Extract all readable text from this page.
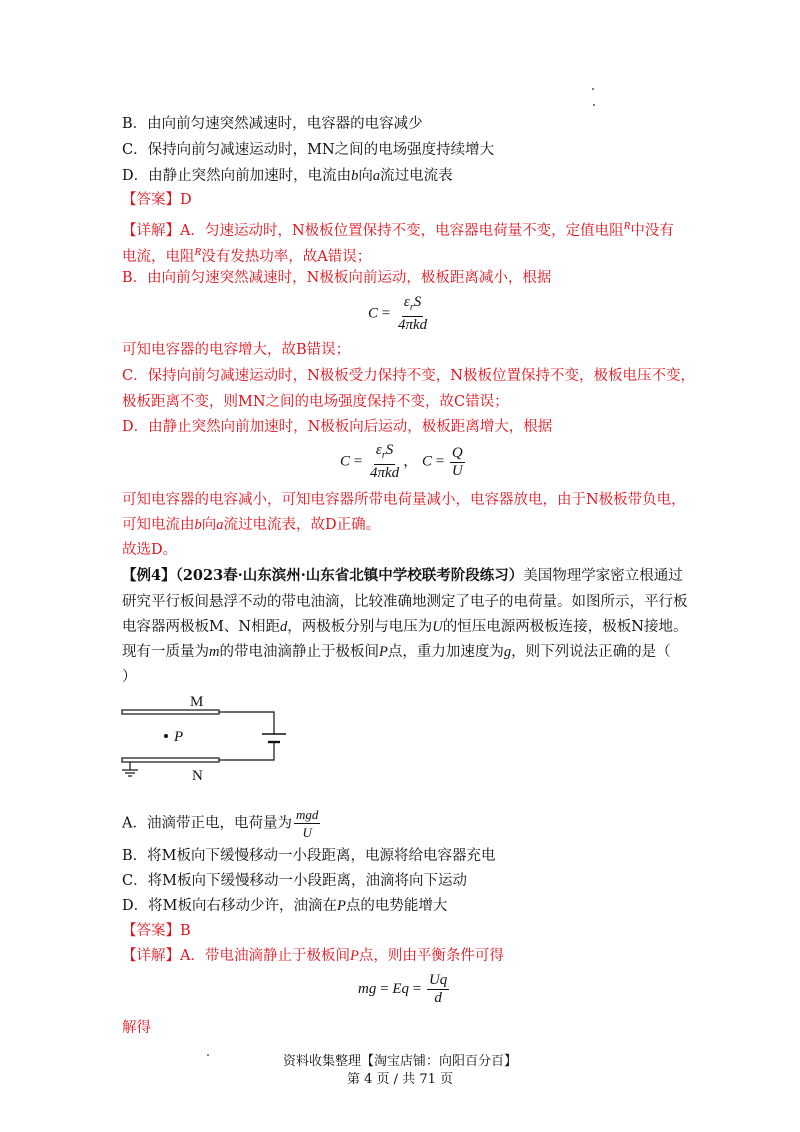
B．由向前匀速突然减速时，电容器的电容减少
C．保持向前匀减速运动时，MN之间的电场强度持续增大
D．由静止突然向前加速时，电流由b向a流过电流表
【答案】D
【详解】A．匀速运动时，N极板位置保持不变，电容器电荷量不变，定值电阻$^R$中没有
电流，电阻$^R$没有发热功率，故A错误；
B．由向前匀速突然减速时，N极板向前运动，极板距离减小，根据
$C = \frac{\varepsilon_rS}{\text{4πkd}}$
可知电容器的电容增大，故B错误；
C．保持向前匀减速运动时，N极板受力保持不变，N极板位置保持不变，极板电压不变，
极板距离不变，则MN之间的电场强度保持不变，故C错误；
D．由静止突然向前加速时，N极板向后运动，极板距离增大，根据
$C = \frac{\varepsilon_rS}{\text{4πkd}}$ ， $C = \frac{Q}{U}$
可知电容器的电容减小，可知电容器所带电荷量减小，电容器放电，由于N极板带负电，
可知电流由b向a流过电流表，故D正确。
故选D。
【例4】（2023春·山东滨州·山东省北镇中学校联考阶段练习）美国物理学家密立根通过
研究平行板间悬浮不动的带电油滴，比较准确地测定了电子的电荷量。如图所示，平行板
电容器两极板M、N相距d，两极板分别与电压为U的恒压电源两极板连接，极板N接地。
现有一质量为m的带电油滴静止于极板间P点，重力加速度为g，则下列说法正确的是（
）
P
M
N
A．油滴带正电，电荷量为 $\frac{\text{mgd}}{U}$
B．将M板向下缓慢移动一小段距离，电源将给电容器充电
C．将M板向下缓慢移动一小段距离，油滴将向下运动
D．将M板向右移动少许，油滴在P点的电势能增大
【答案】B
【详解】A．带电油滴静止于极板间P点，则由平衡条件可得
mg = $Eq = \frac{Uq}{d}$
解得
资料收集整理【淘宝店铺：向阳百分百】
第 4 页 / 共 71 页
